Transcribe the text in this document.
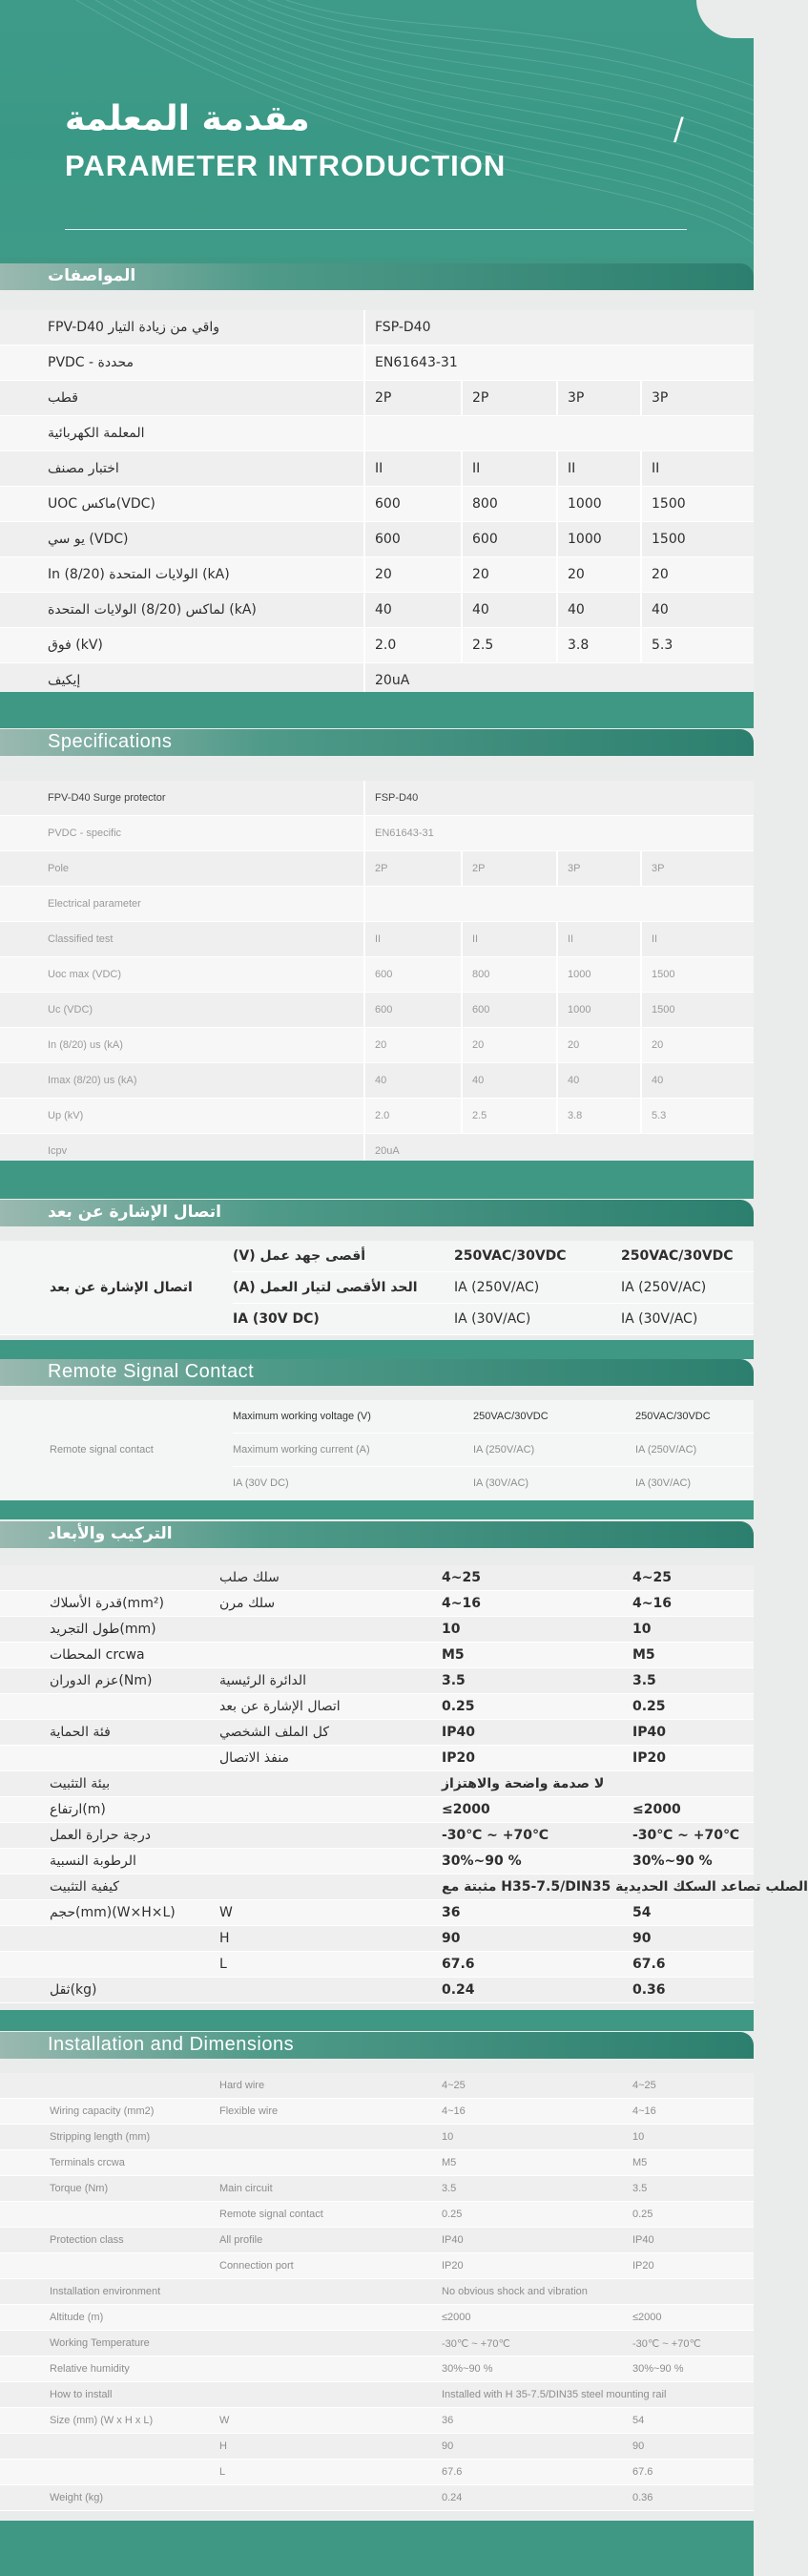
مقدمة المعلمة
PARAMETER INTRODUCTION
/
المواصفات
FPV-D40 واقي من زيادة التيار	FSP-D40			
PVDC - محددة	EN61643-31			
قطب	2P	2P	3P	3P
المعلمة الكهربائية				
اختبار مصنف	II	II	II	II
UOC ماكس(VDC)	600	800	1000	1500
يو سي (VDC)	600	600	1000	1500
In (8/20) الولايات المتحدة (kA)	20	20	20	20
لماكس (8/20) الولايات المتحدة (kA)	40	40	40	40
فوق (kV)	2.0	2.5	3.8	5.3
إيكيف	20uA			
Specifications
FPV-D40 Surge protector	FSP-D40			
PVDC - specific	EN61643-31			
Pole	2P	2P	3P	3P
Electrical parameter				
Classified test	II	II	II	II
Uoc max (VDC)	600	800	1000	1500
Uc (VDC)	600	600	1000	1500
In (8/20) us (kA)	20	20	20	20
Imax (8/20) us (kA)	40	40	40	40
Up (kV)	2.0	2.5	3.8	5.3
Icpv	20uA			
اتصال الإشارة عن بعد
اتصال الإشارة عن بعد	(V) أقصى جهد عمل	250VAC/30VDC	250VAC/30VDC
	(A) الحد الأقصى لتيار العمل	IA (250V/AC)	IA (250V/AC)
	IA (30V DC)	IA (30V/AC)	IA (30V/AC)
Remote Signal Contact
Remote signal contact	Maximum working voltage (V)	250VAC/30VDC	250VAC/30VDC
	Maximum working current (A)	IA (250V/AC)	IA (250V/AC)
	IA (30V DC)	IA (30V/AC)	IA (30V/AC)
التركيب والأبعاد
	سلك صلب	4~25	4~25
قدرة الأسلاك(mm²)	سلك مرن	4~16	4~16
طول التجريد(mm)		10	10
المحطات crcwa		M5	M5
عزم الدوران(Nm)	الدائرة الرئيسية	3.5	3.5
	اتصال الإشارة عن بعد	0.25	0.25
فئة الحماية	كل الملف الشخصي	IP40	IP40
	منفذ الاتصال	IP20	IP20
بيئة التثبيت		لا صدمة واضحة والاهتزاز	
ارتفاع(m)		≤2000	≤2000
درجة حرارة العمل		-30℃ ~ +70℃	-30℃ ~ +70℃
الرطوبة النسبية		30%~90 %	30%~90 %
كيفية التثبيت		مثبتة مع H35-7.5/DIN35 الصلب تصاعد السكك الحديدية	
حجم(mm)(W×H×L)	W	36	54
	H	90	90
	L	67.6	67.6
ثقل(kg)		0.24	0.36
Installation and Dimensions
	Hard wire	4~25	4~25
Wiring capacity (mm2)	Flexible wire	4~16	4~16
Stripping length (mm)		10	10
Terminals crcwa		M5	M5
Torque (Nm)	Main circuit	3.5	3.5
	Remote signal contact	0.25	0.25
Protection class	All profile	IP40	IP40
	Connection port	IP20	IP20
Installation environment		No obvious shock and vibration	
Altitude (m)		≤2000	≤2000
Working Temperature		-30℃ ~ +70℃	-30℃ ~ +70℃
Relative humidity		30%~90 %	30%~90 %
How to install		Installed with H 35-7.5/DIN35 steel mounting rail	
Size (mm) (W x H x L)	W	36	54
	H	90	90
	L	67.6	67.6
Weight (kg)		0.24	0.36
